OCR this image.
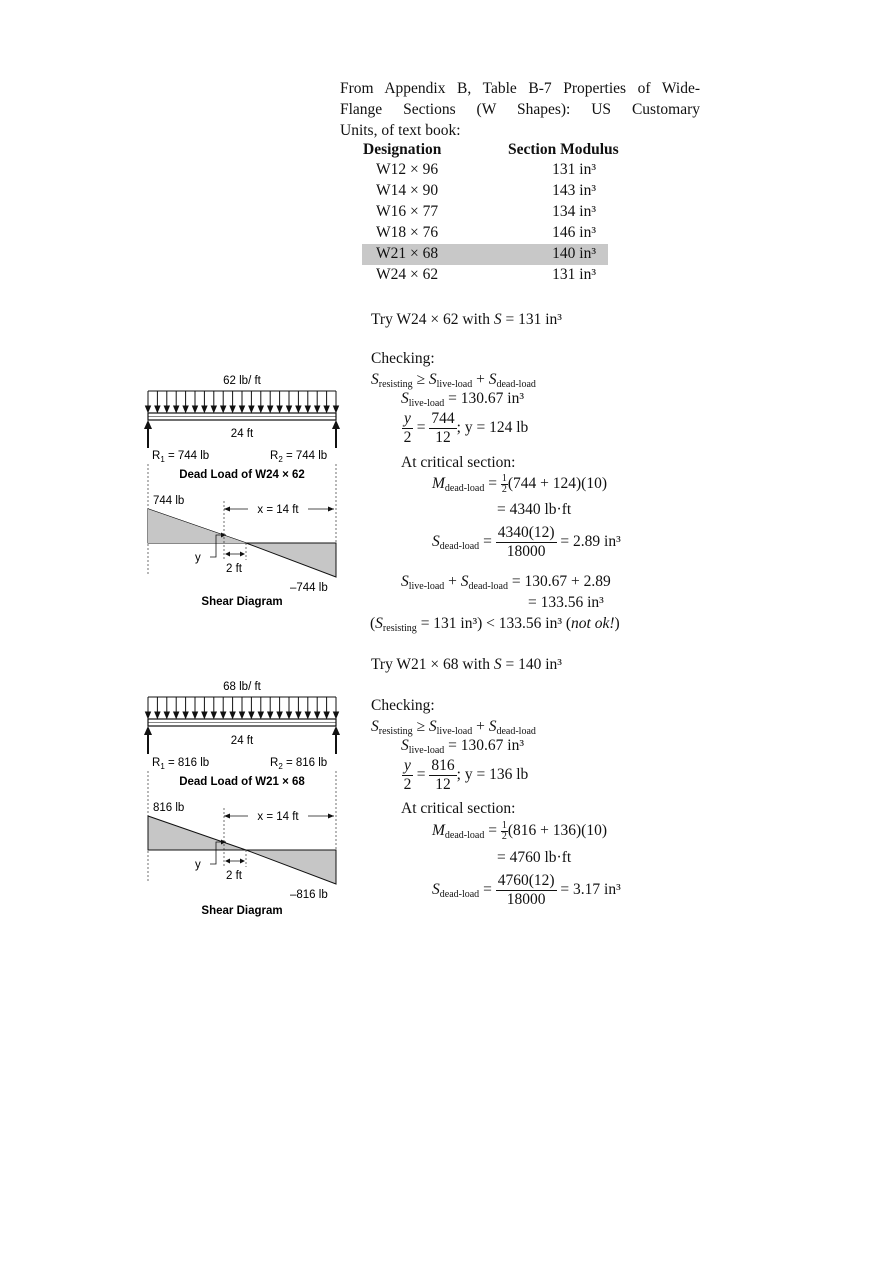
From Appendix B, Table B-7 Properties of Wide-
Flange Sections (W Shapes): US Customary
Units, of text book:
Designation	Section Modulus
W12 × 96	131 in³
W14 × 90	143 in³
W16 × 77	134 in³
W18 × 76	146 in³
W21 × 68	140 in³
W24 × 62	131 in³
Try W24 × 62 with S = 131 in³
Checking:
$S_{resisting} \ge S_{live-load} + S_{dead-load}$
$S_{live-load} = 130.67$ in³
$\frac{y}{2} = \frac{744}{12}$ ; y = 124 lb
At critical section:
$M_{dead-load} = \frac{1}{2} (744 + 124)(10)$
= 4340 lb·ft
$S_{dead-load} = \frac{4340(12)}{18000} = 2.89$ in³
$S_{live-load} + S_{dead-load} = 130.67 + 2.89$
= 133.56 in³
($S_{resisting} = 131$ in³) < 133.56 in³ (not ok!)
Try W21 × 68 with S = 140 in³
Checking:
$S_{resisting} \ge S_{live-load} + S_{dead-load}$
$S_{live-load} = 130.67$ in³
$\frac{y}{2} = \frac{816}{12}$ ; y = 136 lb
At critical section:
$M_{dead-load} = \frac{1}{2} (816 + 136)(10)$
= 4760 lb·ft
$S_{dead-load} = \frac{4760(12)}{18000} = 3.17$ in³
62 lb/ ft
24 ft
$R_1 = 744$ lb	$R_2 = 744$ lb
Dead Load of W24 × 62
744 lb
–744 lb
x = 14 ft
y
2 ft
Shear Diagram
68 lb/ ft
24 ft
$R_1 = 816$ lb	$R_2 = 816$ lb
Dead Load of W21 × 68
816 lb
–816 lb
x = 14 ft
y
2 ft
Shear Diagram
